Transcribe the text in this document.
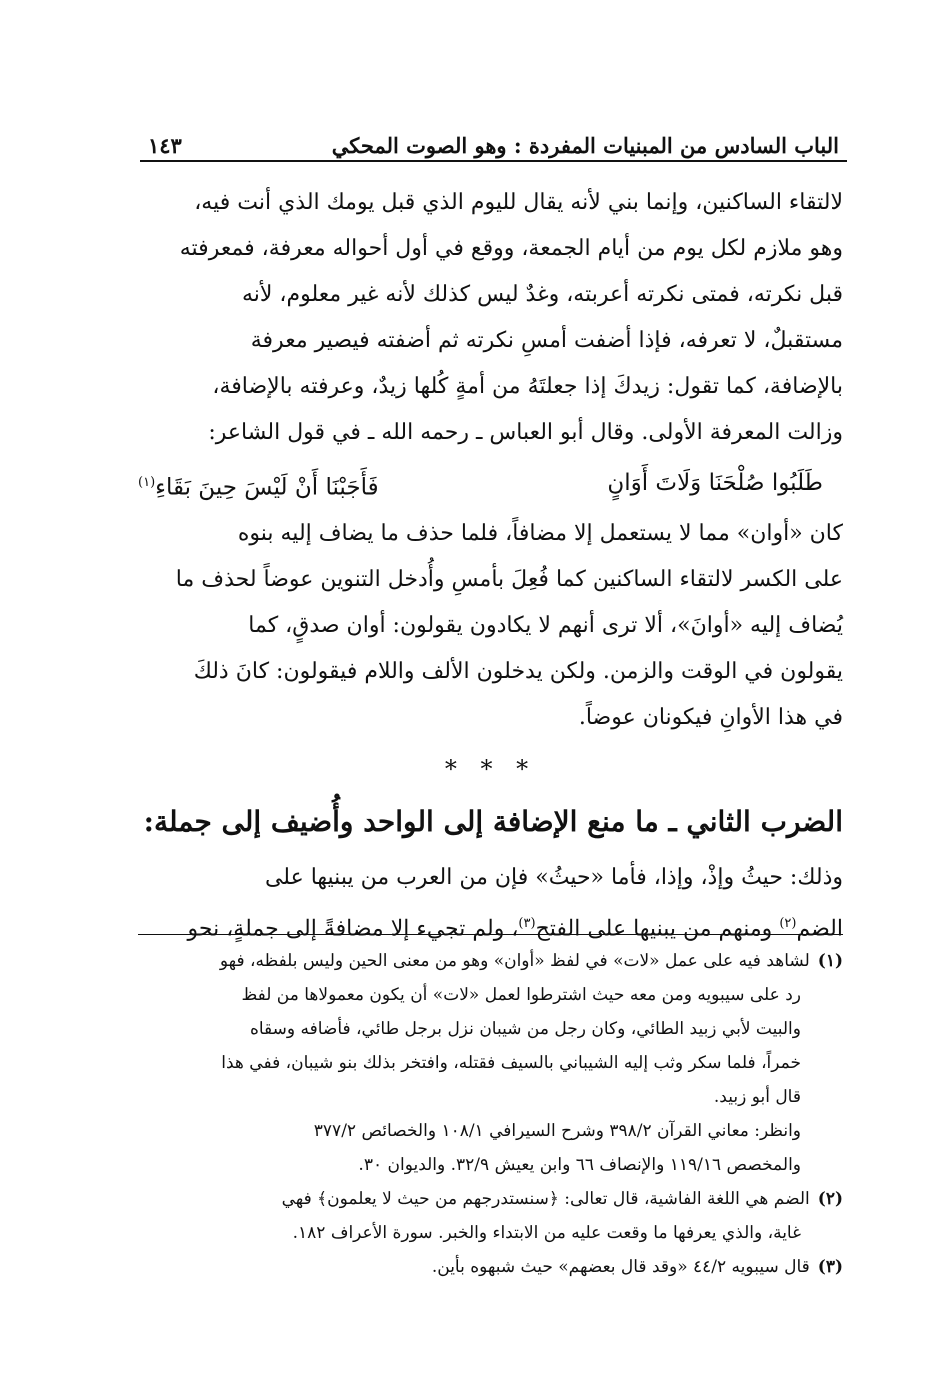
الباب السادس من المبنيات المفردة : وهو الصوت المحكي
١٤٣

لالتقاء الساكنين، وإنما بني لأنه يقال لليوم الذي قبل يومك الذي أنت فيه،

وهو ملازم لكل يوم من أيام الجمعة، ووقع في أول أحواله معرفة، فمعرفته

قبل نكرته، فمتى نكرته أعربته، وغدٌ ليس كذلك لأنه غير معلوم، لأنه

مستقبلٌ، لا تعرفه، فإذا أضفت أمسِ نكرته ثم أضفته فيصير معرفة

بالإضافة، كما تقول: زيدكَ إذا جعلتَهُ من أمةٍ كُلها زيدٌ، وعرفته بالإضافة،

وزالت المعرفة الأولى. وقال أبو العباس ـ رحمه الله ـ في قول الشاعر:

طَلَبُوا صُلْحَنَا وَلَاتَ أَوَانٍ
فَأَجَبْنَا أَنْ لَيْسَ حِينَ بَقَاءِ$^{(١)}$

كان «أوان» مما لا يستعمل إلا مضافاً، فلما حذف ما يضاف إليه بنوه

على الكسر لالتقاء الساكنين كما فُعِلَ بأمسِ وأُدخل التنوين عوضاً لحذف ما

يُضاف إليه «أوانَ»، ألا ترى أنهم لا يكادون يقولون: أوان صدقٍ، كما

يقولون في الوقت والزمن. ولكن يدخلون الألف واللام فيقولون: كانَ ذلكَ

في هذا الأوانِ فيكونان عوضاً.

* * *
الضرب الثاني ـ ما منع الإضافة إلى الواحد وأُضيف إلى جملة:

وذلك: حيثُ وإذْ، وإذا، فأما «حيثُ» فإن من العرب من يبنيها على

الضم$^{(٢)}$ ومنهم من يبنيها على الفتح$^{(٣)}$، ولم تجيء إلا مضافةً إلى جملةٍ، نحو

(١)لشاهد فيه على عمل «لات» في لفظ «أوان» وهو من معنى الحين وليس بلفظه، فهو

رد على سيبويه ومن معه حيث اشترطوا لعمل «لات» أن يكون معمولاها من لفظ

والبيت لأبي زبيد الطائي، وكان رجل من شيبان نزل برجل طائي، فأضافه وسقاه

خمراً، فلما سكر وثب إليه الشيباني بالسيف فقتله، وافتخر بذلك بنو شيبان، ففي هذا

قال أبو زبيد.

وانظر: معاني القرآن ٣٩٨/٢ وشرح السيرافي ١٠٨/١ والخصائص ٣٧٧/٢

والمخصص ١١٩/١٦ والإنصاف ٦٦ وابن يعيش ٣٢/٩. والديوان ٣٠.

(٢)الضم هي اللغة الفاشية، قال تعالى: ﴿سنستدرجهم من حيث لا يعلمون﴾ فهي

غاية، والذي يعرفها ما وقعت عليه من الابتداء والخبر. سورة الأعراف ١٨٢.

(٣)قال سيبويه ٤٤/٢ «وقد قال بعضهم» حيث شبهوه بأين.
